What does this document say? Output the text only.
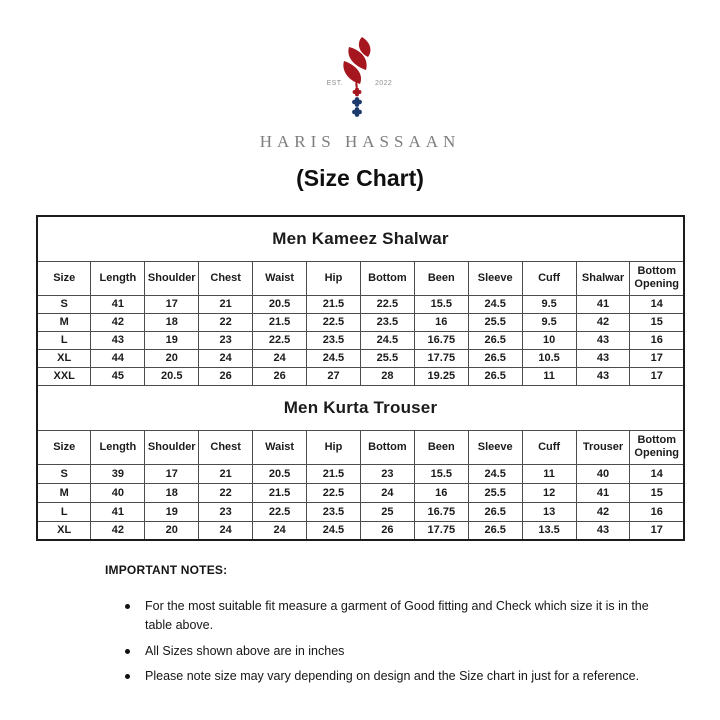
EST.	2022
HARIS HASSAAN
(Size Chart)
Men Kameez Shalwar											
Size	Length	Shoulder	Chest	Waist	Hip	Bottom	Been	Sleeve	Cuff	Shalwar	Bottom Opening
S	41	17	21	20.5	21.5	22.5	15.5	24.5	9.5	41	14
M	42	18	22	21.5	22.5	23.5	16	25.5	9.5	42	15
L	43	19	23	22.5	23.5	24.5	16.75	26.5	10	43	16
XL	44	20	24	24	24.5	25.5	17.75	26.5	10.5	43	17
XXL	45	20.5	26	26	27	28	19.25	26.5	11	43	17
Men Kurta Trouser											
Size	Length	Shoulder	Chest	Waist	Hip	Bottom	Been	Sleeve	Cuff	Trouser	Bottom Opening
S	39	17	21	20.5	21.5	23	15.5	24.5	11	40	14
M	40	18	22	21.5	22.5	24	16	25.5	12	41	15
L	41	19	23	22.5	23.5	25	16.75	26.5	13	42	16
XL	42	20	24	24	24.5	26	17.75	26.5	13.5	43	17
IMPORTANT NOTES:
For the most suitable fit measure a garment of Good fitting and Check which size it is in the table above.
All Sizes shown above are in inches
Please note size may vary depending on design and the Size chart in just for a reference.
